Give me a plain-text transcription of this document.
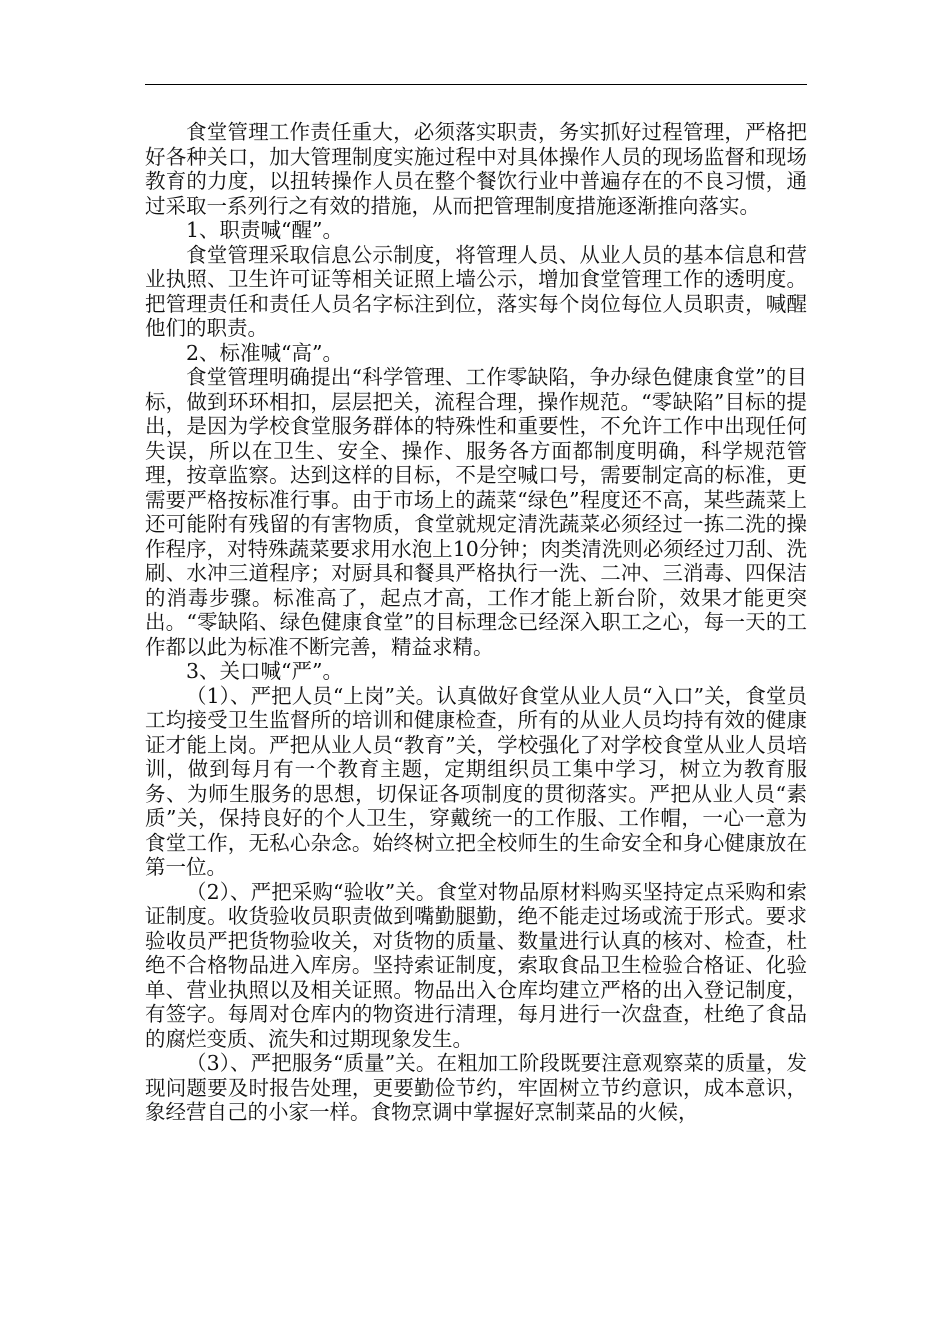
食堂管理工作责任重大，必须落实职责，务实抓好过程管理，严格把好各种关口，加大管理制度实施过程中对具体操作人员的现场监督和现场教育的力度，以扭转操作人员在整个餐饮行业中普遍存在的不良习惯，通过采取一系列行之有效的措施，从而把管理制度措施逐渐推向落实。

1、职责喊“醒”。

食堂管理采取信息公示制度，将管理人员、从业人员的基本信息和营业执照、卫生许可证等相关证照上墙公示，增加食堂管理工作的透明度。把管理责任和责任人员名字标注到位，落实每个岗位每位人员职责，喊醒他们的职责。

2、标准喊“高”。

食堂管理明确提出“科学管理、工作零缺陷，争办绿色健康食堂”的目标，做到环环相扣，层层把关，流程合理，操作规范。“零缺陷”目标的提出，是因为学校食堂服务群体的特殊性和重要性，不允许工作中出现任何失误，所以在卫生、安全、操作、服务各方面都制度明确，科学规范管理，按章监察。达到这样的目标，不是空喊口号，需要制定高的标准，更需要严格按标准行事。由于市场上的蔬菜“绿色”程度还不高，某些蔬菜上还可能附有残留的有害物质，食堂就规定清洗蔬菜必须经过一拣二洗的操作程序，对特殊蔬菜要求用水泡上10分钟；肉类清洗则必须经过刀刮、洗刷、水冲三道程序；对厨具和餐具严格执行一洗、二冲、三消毒、四保洁的消毒步骤。标准高了，起点才高，工作才能上新台阶，效果才能更突出。“零缺陷、绿色健康食堂”的目标理念已经深入职工之心，每一天的工作都以此为标准不断完善，精益求精。

3、关口喊“严”。

（1）、严把人员“上岗”关。认真做好食堂从业人员“入口”关，食堂员工均接受卫生监督所的培训和健康检查，所有的从业人员均持有效的健康证才能上岗。严把从业人员“教育”关，学校强化了对学校食堂从业人员培训，做到每月有一个教育主题，定期组织员工集中学习，树立为教育服务、为师生服务的思想，切保证各项制度的贯彻落实。严把从业人员“素质”关，保持良好的个人卫生，穿戴统一的工作服、工作帽，一心一意为食堂工作，无私心杂念。始终树立把全校师生的生命安全和身心健康放在第一位。

（2）、严把采购“验收”关。食堂对物品原材料购买坚持定点采购和索证制度。收货验收员职责做到嘴勤腿勤，绝不能走过场或流于形式。要求验收员严把货物验收关，对货物的质量、数量进行认真的核对、检查，杜绝不合格物品进入库房。坚持索证制度，索取食品卫生检验合格证、化验单、营业执照以及相关证照。物品出入仓库均建立严格的出入登记制度，有签字。每周对仓库内的物资进行清理，每月进行一次盘查，杜绝了食品的腐烂变质、流失和过期现象发生。

（3）、严把服务“质量”关。在粗加工阶段既要注意观察菜的质量，发现问题要及时报告处理，更要勤俭节约，牢固树立节约意识，成本意识，象经营自己的小家一样。食物烹调中掌握好烹制菜品的火候，
